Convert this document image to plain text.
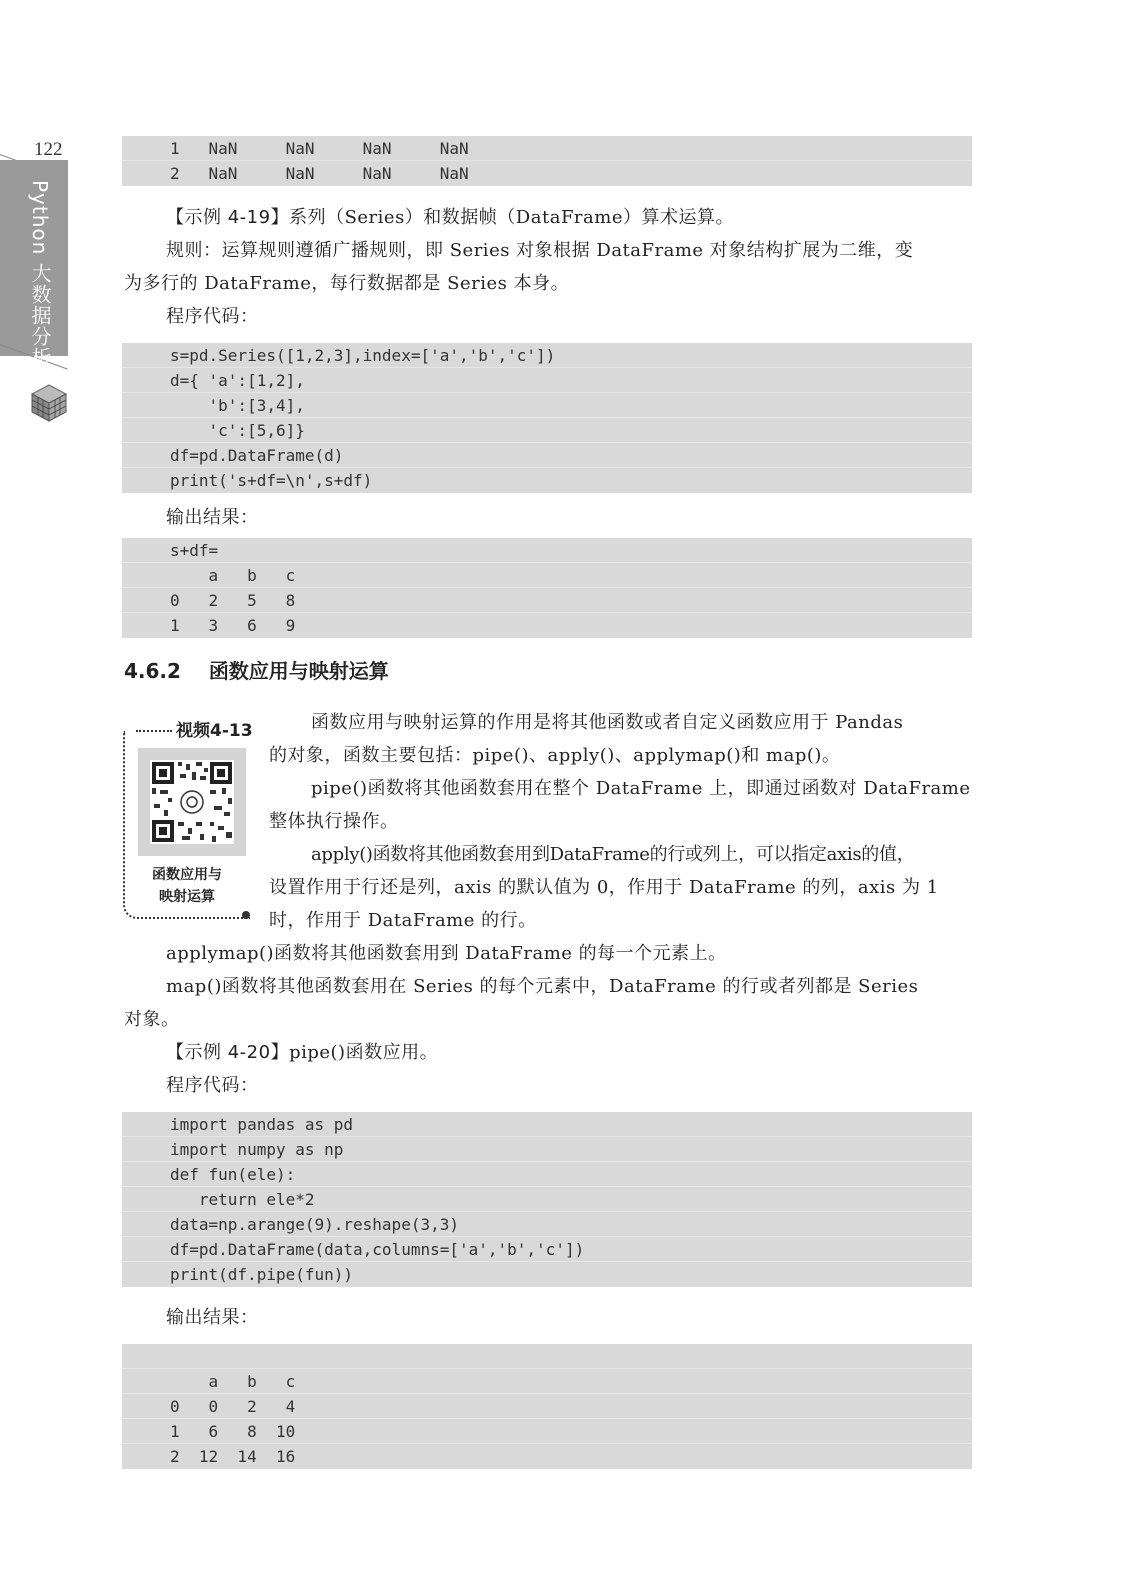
122
Python 大数据分析
1   NaN     NaN     NaN     NaN
2   NaN     NaN     NaN     NaN
【示例 4-19】系列（Series）和数据帧（DataFrame）算术运算。
规则：运算规则遵循广播规则，即 Series 对象根据 DataFrame 对象结构扩展为二维，变
为多行的 DataFrame，每行数据都是 Series 本身。
程序代码：
s=pd.Series([1,2,3],index=['a','b','c'])
d={ 'a':[1,2],
'b':[3,4],
'c':[5,6]}
df=pd.DataFrame(d)
print('s+df=\n',s+df)
输出结果：
s+df=
a   b   c
0   2   5   8
1   3   6   9
4.6.2 函数应用与映射运算
视频4-13
函数应用与
映射运算
函数应用与映射运算的作用是将其他函数或者自定义函数应用于 Pandas
的对象，函数主要包括：pipe()、apply()、applymap()和 map()。
pipe()函数将其他函数套用在整个 DataFrame 上，即通过函数对 DataFrame
整体执行操作。
apply()函数将其他函数套用到DataFrame的行或列上，可以指定axis的值，
设置作用于行还是列，axis 的默认值为 0，作用于 DataFrame 的列，axis 为 1
时，作用于 DataFrame 的行。
applymap()函数将其他函数套用到 DataFrame 的每一个元素上。
map()函数将其他函数套用在 Series 的每个元素中，DataFrame 的行或者列都是 Series
对象。
【示例 4-20】pipe()函数应用。
程序代码：
import pandas as pd
import numpy as np
def fun(ele):
return ele*2
data=np.arange(9).reshape(3,3)
df=pd.DataFrame(data,columns=['a','b','c'])
print(df.pipe(fun))
输出结果：
a   b   c
0   0   2   4
1   6   8  10
2  12  14  16
